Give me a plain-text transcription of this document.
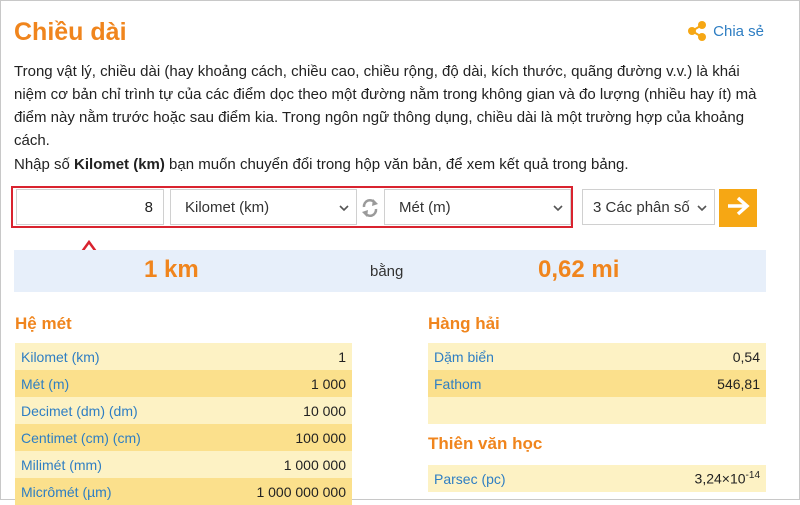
Chiều dài	Chia sẻ

Trong vật lý, chiều dài (hay khoảng cách, chiều cao, chiều rộng, độ dài, kích thước, quãng đường v.v.) là khái niệm cơ bản chỉ trình tự của các điểm dọc theo một đường nằm trong không gian và đo lượng (nhiều hay ít) mà điểm này nằm trước hoặc sau điểm kia. Trong ngôn ngữ thông dụng, chiều dài là một trường hợp của khoảng cách.

Nhập số Kilomet (km) bạn muốn chuyển đổi trong hộp văn bản, để xem kết quả trong bảng.

8
Kilomet (km)	Mét (m)	3 Các phân số
1 km	bằng	0,62 mi
Hệ mét
Kilomet (km)	1
Mét (m)	1 000
Decimet (dm) (dm)	10 000
Centimet (cm) (cm)	100 000
Milimét (mm)	1 000 000
Micrômét (µm)	1 000 000 000
Hàng hải
Dặm biển	0,54
Fathom	546,81

Thiên văn học
Parsec (pc)	$3,24\times 10^{-14}$
